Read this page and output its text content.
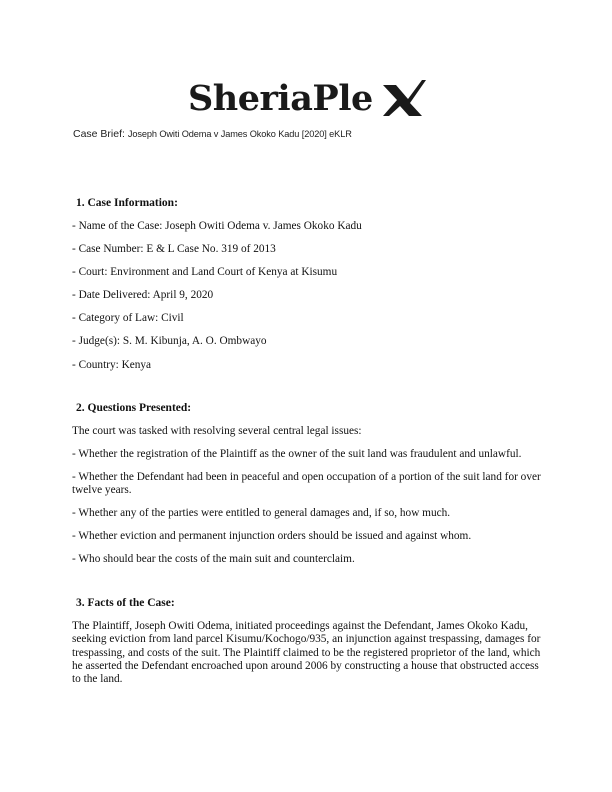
SheriaPle
Case Brief: Joseph Owiti Odema v James Okoko Kadu [2020] eKLR
1. Case Information:

- Name of the Case: Joseph Owiti Odema v. James Okoko Kadu

- Case Number: E & L Case No. 319 of 2013

- Court: Environment and Land Court of Kenya at Kisumu

- Date Delivered: April 9, 2020

- Category of Law: Civil

- Judge(s): S. M. Kibunja, A. O. Ombwayo

- Country: Kenya

2. Questions Presented:

The court was tasked with resolving several central legal issues:

- Whether the registration of the Plaintiff as the owner of the suit land was fraudulent and unlawful.

- Whether the Defendant had been in peaceful and open occupation of a portion of the suit land for over twelve years.

- Whether any of the parties were entitled to general damages and, if so, how much.

- Whether eviction and permanent injunction orders should be issued and against whom.

- Who should bear the costs of the main suit and counterclaim.

3. Facts of the Case:

The Plaintiff, Joseph Owiti Odema, initiated proceedings against the Defendant, James Okoko Kadu, seeking eviction from land parcel Kisumu/Kochogo/935, an injunction against trespassing, damages for trespassing, and costs of the suit. The Plaintiff claimed to be the registered proprietor of the land, which he asserted the Defendant encroached upon around 2006 by constructing a house that obstructed access to the land.
